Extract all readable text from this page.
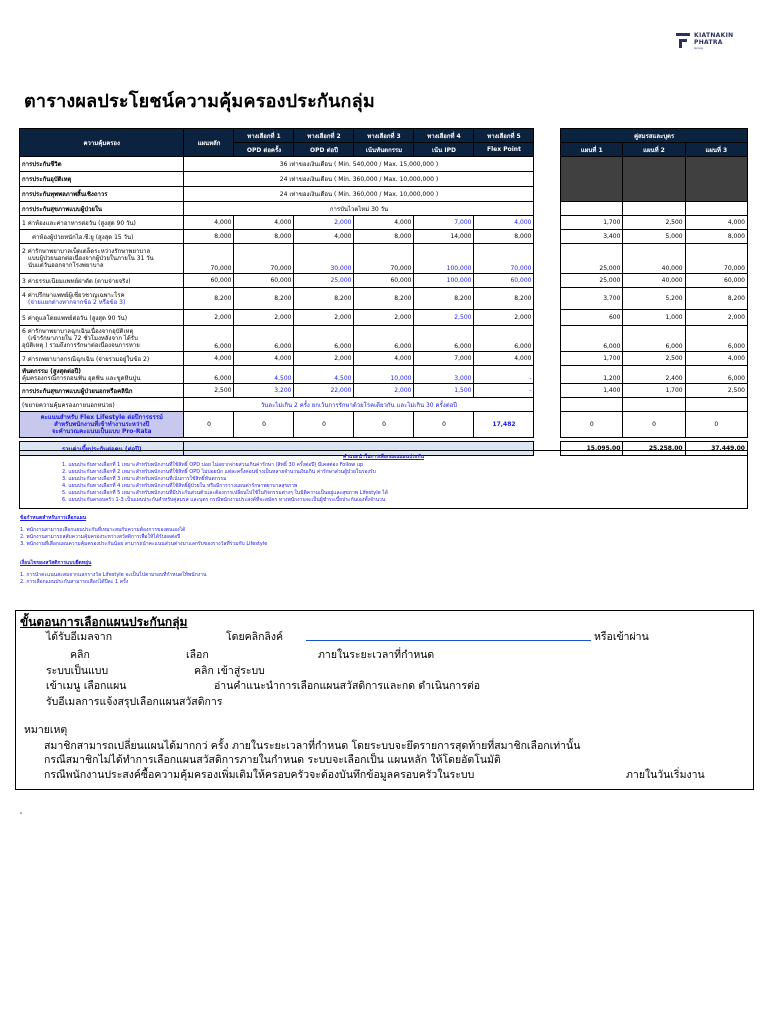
KIATNAKIN
PHATRA
Group
ตารางผลประโยชน์ความคุ้มครองประกันกลุ่ม
ความคุ้มครอง	แผนหลัก	ทางเลือกที่ 1	ทางเลือกที่ 2	ทางเลือกที่ 3	ทางเลือกที่ 4	ทางเลือกที่ 5		คู่สมรสและบุตร		
		OPD ต่อครั้ง	OPD ต่อปี	เน้นทันตกรรม	เน้น IPD	Flex Point		แผนที่ 1	แผนที่ 2	แผนที่ 3
การประกันชีวิต	36 เท่าของเงินเดือน ( Min. 540,000 / Max. 15,000,000 )									
การประกันอุบัติเหตุ	24 เท่าของเงินเดือน ( Min. 360,000 / Max. 10,000,000 )									
การประกันทุพพลภาพสิ้นเชิงถาวร	24 เท่าของเงินเดือน ( Min. 360,000 / Max. 10,000,000 )									
การประกันสุขภาพแบบผู้ป่วยใน	การบันไวตไหม่ 30 วัน									
1 ค่าห้องและค่าอาหารต่อวัน (สูงสุด 90 วัน)	4,000	4,000	2,000	4,000	7,000	4,000		1,700	2,500	4,000
ค่าห้องผู้ป่วยหนักไอ.ซี.ยู (สูงสุด 15 วัน)	8,000	8,000	4,000	8,000	14,000	8,000		3,400	5,000	8,000

2 ค่ารักษาพยาบาลเบ็ดเตล็ดระหว่างรักษาพยาบาล
แบบผู้ป่วยนอกต่อเนื่องจากผู้ป่วยในภายใน 31 วัน
นับแต่วันออกจากโรงพยาบาล	70,000	70,000	30,000	70,000	100,000	70,000		25,000	40,000	70,000
3 ค่าธรรมเนียมแพทย์ผ่าตัด (ตามจ่ายจริง)	60,000	60,000	25,000	60,000	100,000	60,000		25,000	40,000	60,000

4 ค่าปรึกษาแพทย์ผู้เชี่ยวชาญเฉพาะโรค
(จ่ายแยกต่างหากจากข้อ 2 หรือข้อ 3)	8,200	8,200	8,200	8,200	8,200	8,200		3,700	5,200	8,200
5 ค่าดูแลโดยแพทย์ต่อวัน (สูงสุด 90 วัน)	2,000	2,000	2,000	2,000	2,500	2,000		600	1,000	2,000

6 ค่ารักษาพยาบาลฉุกเฉินเนื่องจากอุบัติเหตุ
(เข้ารักษาภายใน 72 ชั่วโมงหลังจาก ได้รับ
อุบัติเหตุ ) รวมถึงการรักษาต่อเนื่องจนการหาย	6,000	6,000	6,000	6,000	6,000	6,000		6,000	6,000	6,000
7 ค่ารถพยาบาลกรณีฉุกเฉิน (จ่ายรวมอยู่ในข้อ 2)	4,000	4,000	2,000	4,000	7,000	4,000		1,700	2,500	4,000

ทันตกรรม (สูงสุดต่อปี)
คุ้มครองกรณีการถอนฟัน อุดฟัน และขูดหินปูน	6,000	4,500	4,500	10,000	3,000	-		1,200	2,400	6,000
การประกันสุขภาพแบบผู้ป่วยนอกหรือคลินิก	2,500	3,200	22,000	2,000	1,500	-		1,400	1,700	2,500
(ขยายความคุ้มครองภายนอกหน่วย)	วันละไม่เกิน 2 ครั้ง ยกเว้นการรักษาด้วยโรคเดียวกัน และไม่เกิน 30 ครั้งต่อปี									

คะแนนสำหรับ Flex Lifestyle ต่อปีการธรรม์
สำหรับพนักงานที่เข้าทำงานระหว่างปี
จะคำนวณคะแนนเป็นแบบ Pro-Rata	0	0	0	0	0	17,482		0	0	0

รวมค่าเบี้ยประกันต่อคน (ต่อปี)								15,095.00	25,258.00	37,449.00
คำแนะนำในการเลือกแผนแผนประกัน
1. แผนประกันทางเลือกที่ 1 เหมาะสำหรับพนักงานที่ใช้สิทธิ์ OPD บ่อย ไม่อยากจ่ายส่วนเกินค่ารักษา (สิทธิ์ 30 ครั้งต่อปี) มีเคสต่อง Follow up
2. แผนประกันทางเลือกที่ 2 เหมาะสำหรับพนักงานที่ใช้สิทธิ์ OPD ไม่บ่อยนัก แต่ละครั้งค่อนข้างเป็นหลายจำนวนเงินเกิน ค่ารักษาส่วนผู้ป่วยในรองรับ
3. แผนประกันทางเลือกที่ 3 เหมาะสำหรับพนักงานที่เน้นการใช้สิทธิ์ทันตกรรม
4. แผนประกันทางเลือกที่ 4 เหมาะสำหรับพนักงานที่ใช้สิทธิ์ผู้ป่วยใน หรือมีการวางแผนค่ารักษาพยาบาลสุขภาพ
5. แผนประกันทางเลือกที่ 5 เหมาะสำหรับพนักงานที่มีประกันส่วนตัวและต้องการเปลี่ยนไปใช้ในกิจกรรมต่างๆ ในมิติความเป็นอยู่และสุขภาพ Lifestyle ได้
6. แผนประกันครอบครัว 1-3 เป็นแผนประกันสำหรับคู่สมรส และบุตร กรณีพนักงานประสงค์ที่จะสมัคร ทางพนักงานจะเป็นผู้ชำระเบี้ยประกันเองทั้งจำนวน
ข้อกำหนดสำหรับการเลือกแผน
1. พนักงานสามารถเลือกแผนประกันที่เหมาะสมกับความต้องการของตนเองได้
2. พนักงานสามารถสลับความคุ้มครองระหว่างสวัสดิการเพื่อให้ได้รับผลต่อปี
3. พนักงานที่เลือกแผนความคุ้มครองประกันน้อย สามารถนำคะแนนส่วนต่างมาแลกรับของรางวัลที่ร่วมกับ Lifestyle
เงื่อนไขของสวัสดิการแบบยืดหยุ่น
1. การนำคะแนนสะสมจากแลกรางวัล Lifestyle จะเป็นไปตามรอบที่กำหนดให้พนักงาน
2. การเลือกแผนประกันสามารถเลือกได้ปีละ 1 ครั้ง
ขั้นตอนการเลือกแผนประกันกลุ่ม
ได้รับอีเมลจาก	โดยคลิกลิงค์	หรือเข้าผ่าน
คลิก	เลือก	ภายในระยะเวลาที่กำหนด
ระบบเป็นแบบ	คลิก เข้าสู่ระบบ
เข้าเมนู เลือกแผน	อ่านคำแนะนำการเลือกแผนสวัสดิการและกด ดำเนินการต่อ
รับอีเมลการแจ้งสรุปเลือกแผนสวัสดิการ
หมายเหตุ
สมาชิกสามารถเปลี่ยนแผนได้มากกว่ ครั้ง ภายในระยะเวลาที่กำหนด โดยระบบจะยึดรายการสุดท้ายที่สมาชิกเลือกเท่านั้น
กรณีสมาชิกไม่ได้ทำการเลือกแผนสวัสดิการภายในกำหนด ระบบจะเลือกเป็น แผนหลัก ให้โดยอัตโนมัติ
กรณีพนักงานประสงค์ซื้อความคุ้มครองเพิ่มเติมให้ครอบครัวจะต้องบันทึกข้อมูลครอบครัวในระบบ	ภายในวันเริ่มงาน
